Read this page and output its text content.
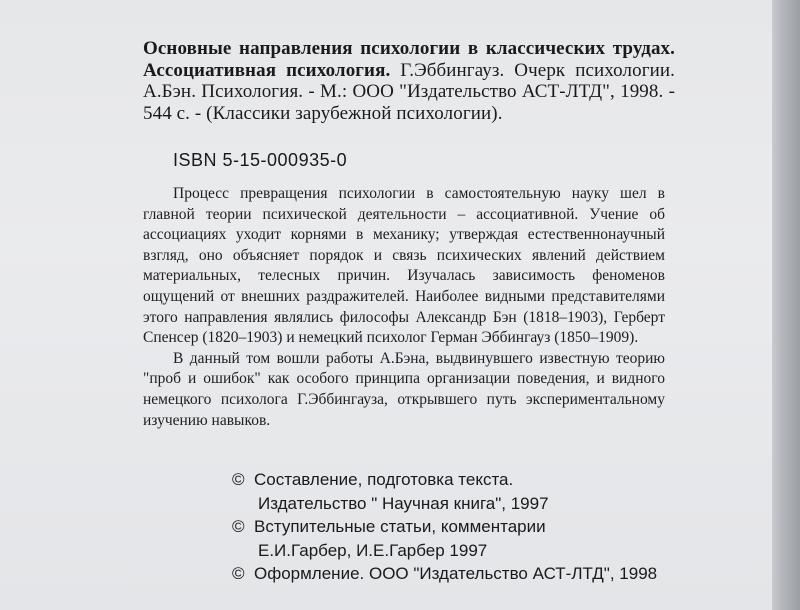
Основные направления психологии в классических трудах. Ассоциативная психология. Г.Эббингауз. Очерк психологии. А.Бэн. Психология. - М.: ООО "Издательство АСТ-ЛТД", 1998. - 544 с. - (Классики зарубежной психологии).
ISBN 5-15-000935-0

Процесс превращения психологии в самостоятельную науку шел в главной теории психической деятельности – ассоциативной. Учение об ассоциациях уходит корнями в механику; утверждая естественнонаучный взгляд, оно объясняет порядок и связь психических явлений действием материальных, телесных причин. Изучалась зависимость феноменов ощущений от внешних раздражителей. Наиболее видными представителями этого направления являлись философы Александр Бэн (1818–1903), Герберт Спенсер (1820–1903) и немецкий психолог Герман Эббингауз (1850–1909).

В данный том вошли работы А.Бэна, выдвинувшего известную теорию "проб и ошибок" как особого принципа организации поведения, и видного немецкого психолога Г.Эббингауза, открывшего путь экспериментальному изучению навыков.

© Составление, подготовка текста.
Издательство " Научная книга", 1997
© Вступительные статьи, комментарии
Е.И.Гарбер, И.Е.Гарбер 1997
© Оформление. ООО "Издательство АСТ-ЛТД", 1998
